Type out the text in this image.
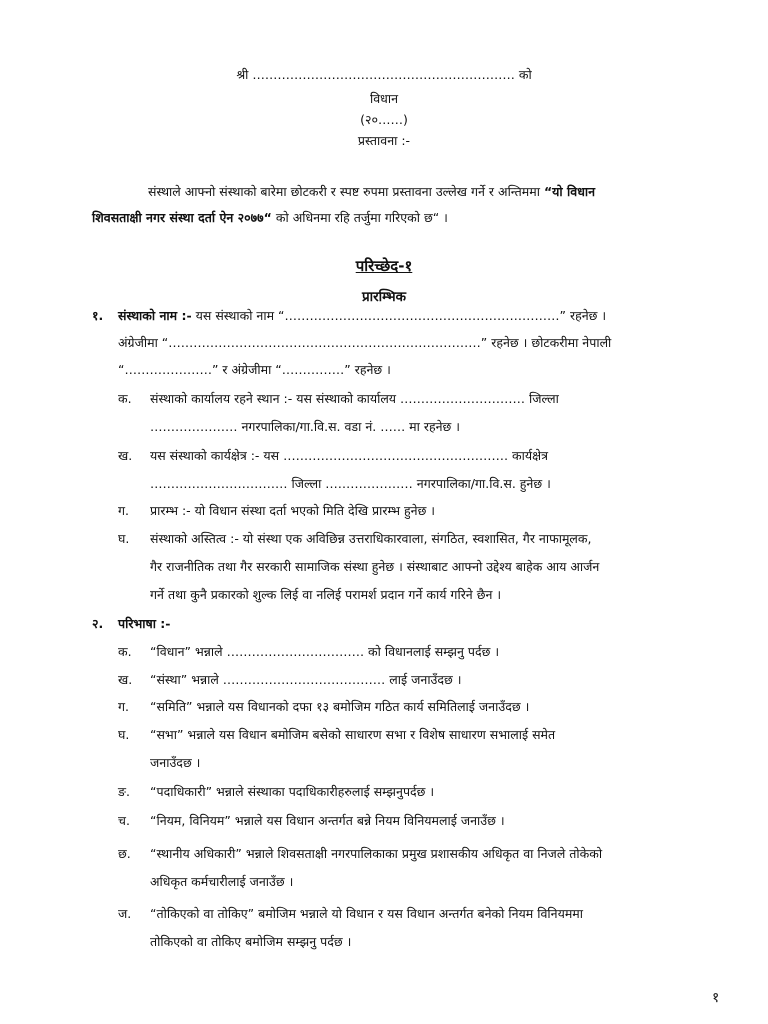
श्री ……………………………………………………… को
विधान
(२०……)
प्रस्तावना :-
संस्थाले आफ्नो संस्थाको बारेमा छोटकरी र स्पष्ट रुपमा प्रस्तावना उल्लेख गर्ने र अन्तिममा “यो विधान
शिवसताक्षी नगर संस्था दर्ता ऐन २०७७“ को अधिनमा रहि तर्जुमा गरिएको छ“ ।
परिच्छेद-१
प्रारम्भिक
१. संस्थाको नाम :- यस संस्थाको नाम “…………………………………………………………” रहनेछ ।
अंग्रेजीमा “…………………………………………………………………” रहनेछ । छोटकरीमा नेपाली
“…………………” र अंग्रेजीमा “……………” रहनेछ ।
क. संस्थाको कार्यालय रहने स्थान :- यस संस्थाको कार्यालय ………………………… जिल्ला
………………… नगरपालिका/गा.वि.स. वडा नं. …… मा रहनेछ ।
ख. यस संस्थाको कार्यक्षेत्र :- यस ……………………………………………… कार्यक्षेत्र
…………………………… जिल्ला ………………… नगरपालिका/गा.वि.स. हुनेछ ।
ग. प्रारम्भ :- यो विधान संस्था दर्ता भएको मिति देखि प्रारम्भ हुनेछ ।
घ. संस्थाको अस्तित्व :- यो संस्था एक अविछिन्न उत्तराधिकारवाला, संगठित, स्वशासित, गैर नाफामूलक,
गैर राजनीतिक तथा गैर सरकारी सामाजिक संस्था हुनेछ । संस्थाबाट आफ्नो उद्देश्य बाहेक आय आर्जन
गर्ने तथा कुनै प्रकारको शुल्क लिई वा नलिई परामर्श प्रदान गर्ने कार्य गरिने छैन ।
२. परिभाषा :-
क. “विधान” भन्नाले …………………………… को विधानलाई सम्झनु पर्दछ ।
ख. “संस्था” भन्नाले ………………………………… लाई जनाउँदछ ।
ग. “समिति” भन्नाले यस विधानको दफा १३ बमोजिम गठित कार्य समितिलाई जनाउँदछ ।
घ. “सभा” भन्नाले यस विधान बमोजिम बसेको साधारण सभा र विशेष साधारण सभालाई समेत
जनाउँदछ ।
ङ. “पदाधिकारी” भन्नाले संस्थाका पदाधिकारीहरुलाई सम्झनुपर्दछ ।
च. “नियम, विनियम” भन्नाले यस विधान अन्तर्गत बन्ने नियम विनियमलाई जनाउँछ ।
छ. “स्थानीय अधिकारी” भन्नाले शिवसताक्षी नगरपालिकाका प्रमुख प्रशासकीय अधिकृत वा निजले तोकेको
अधिकृत कर्मचारीलाई जनाउँछ ।
ज. “तोकिएको वा तोकिए” बमोजिम भन्नाले यो विधान र यस विधान अन्तर्गत बनेको नियम विनियममा
तोकिएको वा तोकिए बमोजिम सम्झनु पर्दछ ।
१
